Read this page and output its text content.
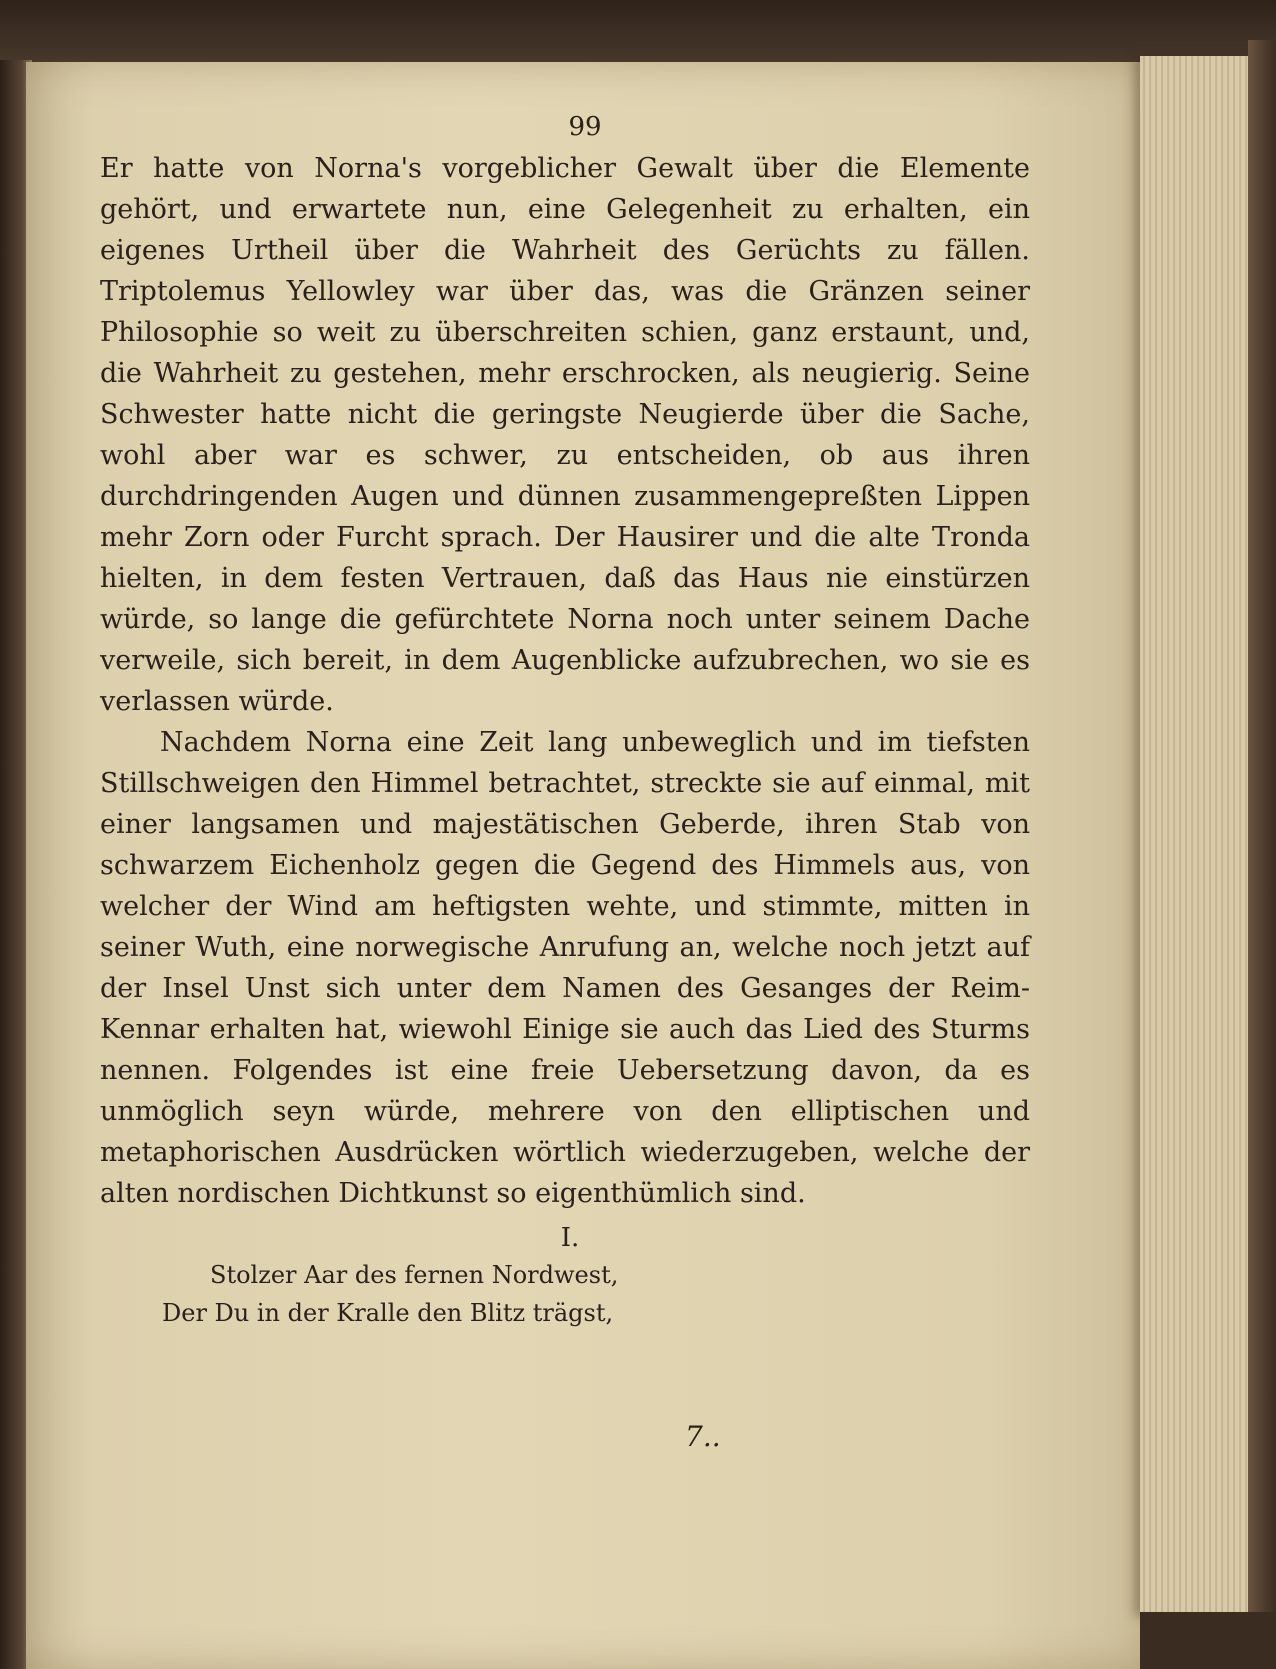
99

Er hatte von Norna's vorgeblicher Gewalt über die Elemente gehört, und erwartete nun, eine Gelegenheit zu erhalten, ein eigenes Urtheil über die Wahrheit des Gerüchts zu fällen. Triptolemus Yellowley war über das, was die Gränzen seiner Philosophie so weit zu überschreiten schien, ganz erstaunt, und, die Wahrheit zu gestehen, mehr erschrocken, als neugierig. Seine Schwester hatte nicht die geringste Neugierde über die Sache, wohl aber war es schwer, zu entscheiden, ob aus ihren durchdringenden Augen und dünnen zusammengepreßten Lippen mehr Zorn oder Furcht sprach. Der Hausirer und die alte Tronda hielten, in dem festen Vertrauen, daß das Haus nie einstürzen würde, so lange die gefürchtete Norna noch unter seinem Dache verweile, sich bereit, in dem Augenblicke aufzubrechen, wo sie es verlassen würde.

Nachdem Norna eine Zeit lang unbeweglich und im tiefsten Stillschweigen den Himmel betrachtet, streckte sie auf einmal, mit einer langsamen und majestätischen Geberde, ihren Stab von schwarzem Eichenholz gegen die Gegend des Himmels aus, von welcher der Wind am heftigsten wehte, und stimmte, mitten in seiner Wuth, eine norwegische Anrufung an, welche noch jetzt auf der Insel Unst sich unter dem Namen des Gesanges der Reim-Kennar erhalten hat, wiewohl Einige sie auch das Lied des Sturms nennen. Folgendes ist eine freie Uebersetzung davon, da es unmöglich seyn würde, mehrere von den elliptischen und metaphorischen Ausdrücken wörtlich wiederzugeben, welche der alten nordischen Dichtkunst so eigenthümlich sind.

I.
Stolzer Aar des fernen Nordwest,
Der Du in der Kralle den Blitz trägst,
7..
